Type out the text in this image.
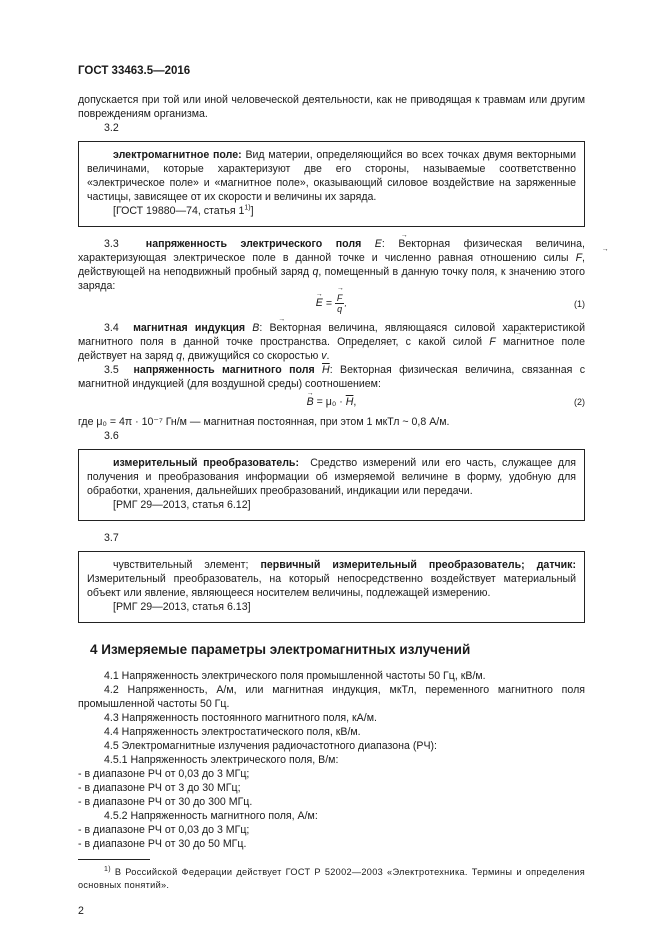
ГОСТ 33463.5—2016

допускается при той или иной человеческой деятельности, как не приводящая к травмам или другим повреждениям организма.

3.2

электромагнитное поле: Вид материи, определяющийся во всех точках двумя векторными величинами, которые характеризуют две его стороны, называемые соответственно «электрическое поле» и «магнитное поле», оказывающий силовое воздействие на заряженные частицы, зависящее от их скорости и величины их заряда.

[ГОСТ 19880—74, статья 1$^{1)}$]

3.3	напряженность электрического поля → E: Векторная физическая величина, характеризующая электрическое поле в данной точке и численно равная отношению силы → F, действующей на неподвижный пробный заряд q, помещенный в данную точку поля, к значению этого заряда:

→ E = → $\frac{F}{q}$ .	(1)

3.4 магнитная индукция → B: Векторная величина, являющаяся силовой характеристикой магнитного поля в данной точке пространства. Определяет, с какой силой → F магнитное поле действует на заряд q, движущийся со скоростью → v.

3.5 напряженность магнитного поля $\overline{H}$: Векторная физическая величина, связанная с магнитной индукцией (для воздушной среды) соотношением:

→ $B = \mu_0 \cdot \overline{H}$,	(2)

где μ₀ = 4π · 10⁻⁷ Гн/м — магнитная постоянная, при этом 1 мкТл ~ 0,8 А/м.

3.6

измерительный преобразователь: Средство измерений или его часть, служащее для получения и преобразования информации об измеряемой величине в форму, удобную для обработки, хранения, дальнейших преобразований, индикации или передачи.

[РМГ 29—2013, статья 6.12]

3.7

чувствительный элемент; первичный измерительный преобразователь; датчик: Измерительный преобразователь, на который непосредственно воздействует материальный объект или явление, являющееся носителем величины, подлежащей измерению.

[РМГ 29—2013, статья 6.13]

4 Измеряемые параметры электромагнитных излучений

4.1 Напряженность электрического поля промышленной частоты 50 Гц, кВ/м.

4.2 Напряженность, А/м, или магнитная индукция, мкТл, переменного магнитного поля промышленной частоты 50 Гц.

4.3 Напряженность постоянного магнитного поля, кА/м.

4.4 Напряженность электростатического поля, кВ/м.

4.5 Электромагнитные излучения радиочастотного диапазона (РЧ):

4.5.1 Напряженность электрического поля, В/м:

- в диапазоне РЧ от 0,03 до 3 МГц;

- в диапазоне РЧ от 3 до 30 МГц;

- в диапазоне РЧ от 30 до 300 МГц.

4.5.2 Напряженность магнитного поля, А/м:

- в диапазоне РЧ от 0,03 до 3 МГц;

- в диапазоне РЧ от 30 до 50 МГц.

$^{1)}$ В Российской Федерации действует ГОСТ Р 52002—2003 «Электротехника. Термины и определения основных понятий».

2
